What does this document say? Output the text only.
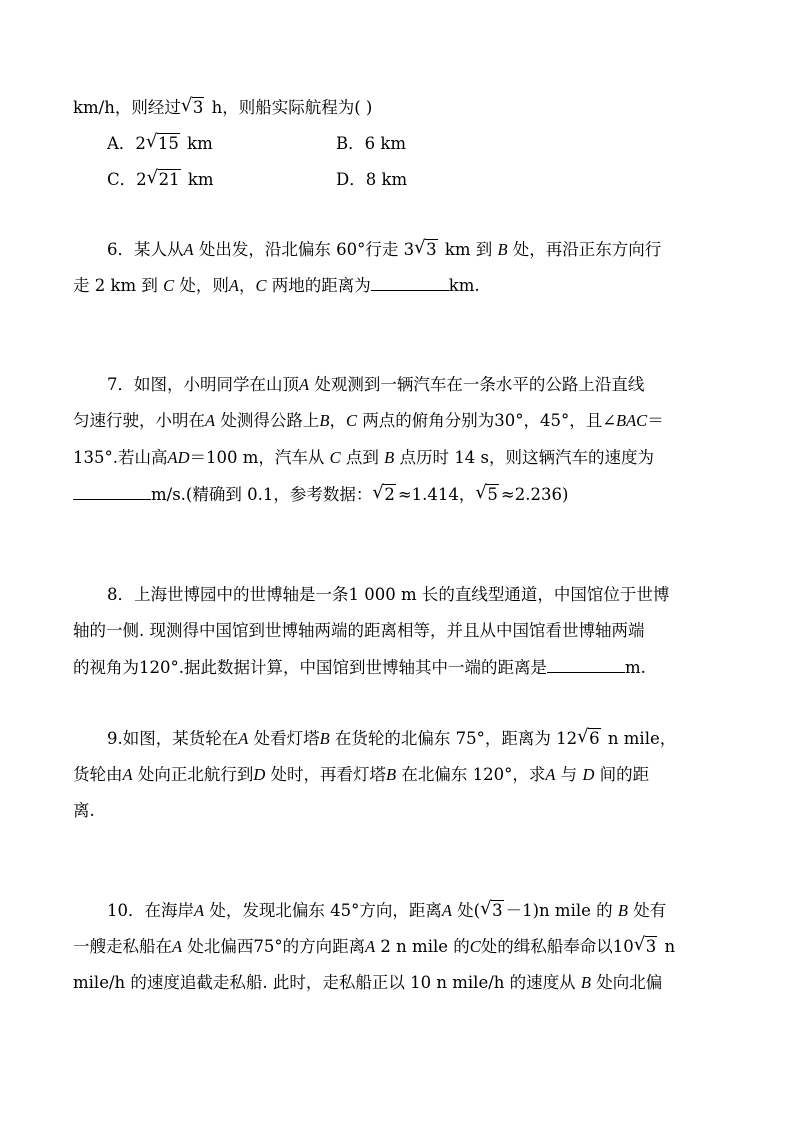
km/h，则经过 √ 3 h，则船实际航程为( )
A．2 √ 15 km	B．6 km
C．2 √ 21 km	D．8 km
6．某人从A 处出发，沿北偏东 60°行走 3 √ 3 km 到 B 处，再沿正东方向行
走 2 km 到 C 处，则A，C 两地的距离为	km.
7．如图，小明同学在山顶A 处观测到一辆汽车在一条水平的公路上沿直线
匀速行驶，小明在A 处测得公路上B，C 两点的俯角分别为30°，45°，且∠BAC＝
135°.若山高AD＝100 m，汽车从 C 点到 B 点历时 14 s，则这辆汽车的速度为
m/s.(精确到 0.1，参考数据： √ 2 ≈1.414， √ 5 ≈2.236)
8．上海世博园中的世博轴是一条1 000 m 长的直线型通道，中国馆位于世博
轴的一侧. 现测得中国馆到世博轴两端的距离相等，并且从中国馆看世博轴两端
的视角为120°.据此数据计算，中国馆到世博轴其中一端的距离是	m.
9.如图，某货轮在A 处看灯塔B 在货轮的北偏东 75°，距离为 12 √ 6 n mile，
货轮由A 处向正北航行到D 处时，再看灯塔B 在北偏东 120°，求A 与 D 间的距
离.
10．在海岸A 处，发现北偏东 45°方向，距离A 处( √ 3 －1)n mile 的 B 处有
一艘走私船在A 处北偏西75°的方向距离A 2 n mile 的C处的缉私船奉命以10 √ 3 n
mile/h 的速度追截走私船. 此时，走私船正以 10 n mile/h 的速度从 B 处向北偏
